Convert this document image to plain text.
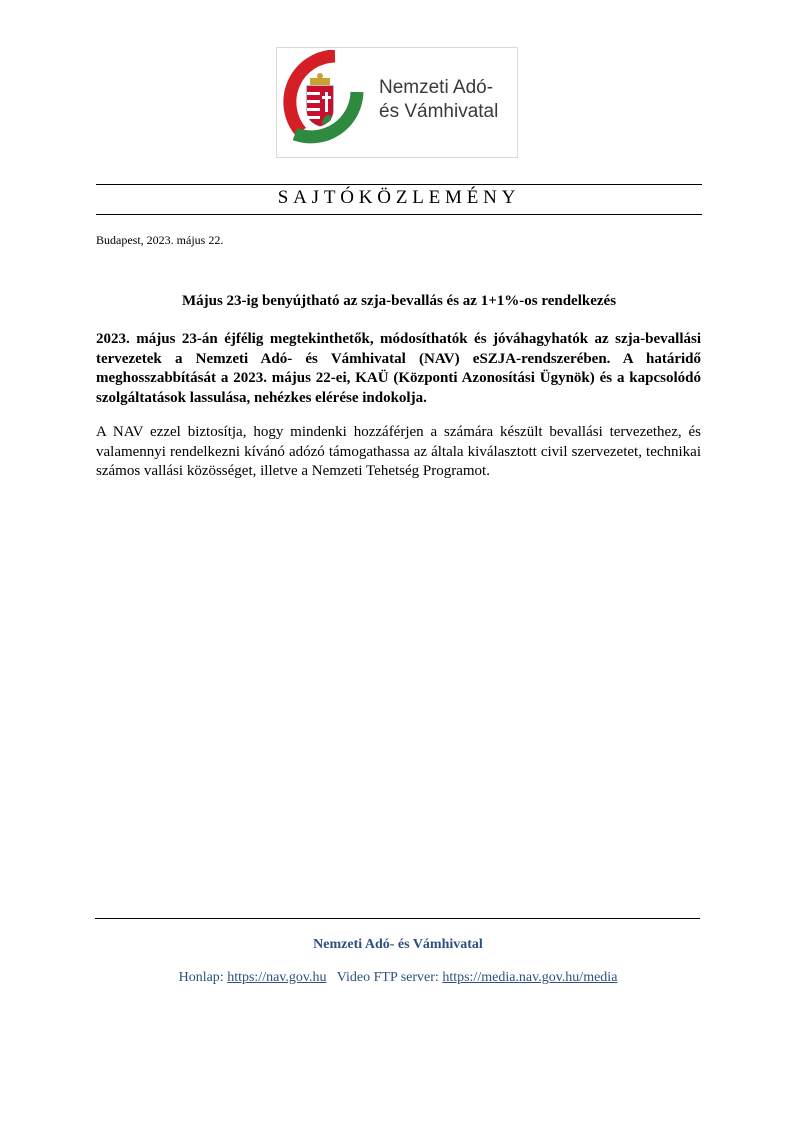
Nemzeti Adó-
és Vámhivatal
SAJTÓKÖZLEMÉNY
Budapest, 2023. május 22.
Május 23-ig benyújtható az szja-bevallás és az 1+1%-os rendelkezés

2023. május 23-án éjfélig megtekinthetők, módosíthatók és jóváhagyhatók az szja-bevallási tervezetek a Nemzeti Adó- és Vámhivatal (NAV) eSZJA-rendszerében. A határidő meghosszabbítását a 2023. május 22-ei, KAÜ (Központi Azonosítási Ügynök) és a kapcsolódó szolgáltatások lassulása, nehézkes elérése indokolja.

A NAV ezzel biztosítja, hogy mindenki hozzáférjen a számára készült bevallási tervezethez, és valamennyi rendelkezni kívánó adózó támogathassa az általa kiválasztott civil szervezetet, technikai számos vallási közösséget, illetve a Nemzeti Tehetség Programot.

Nemzeti Adó- és Vámhivatal
Honlap: https://nav.gov.hu Video FTP server: https://media.nav.gov.hu/media
